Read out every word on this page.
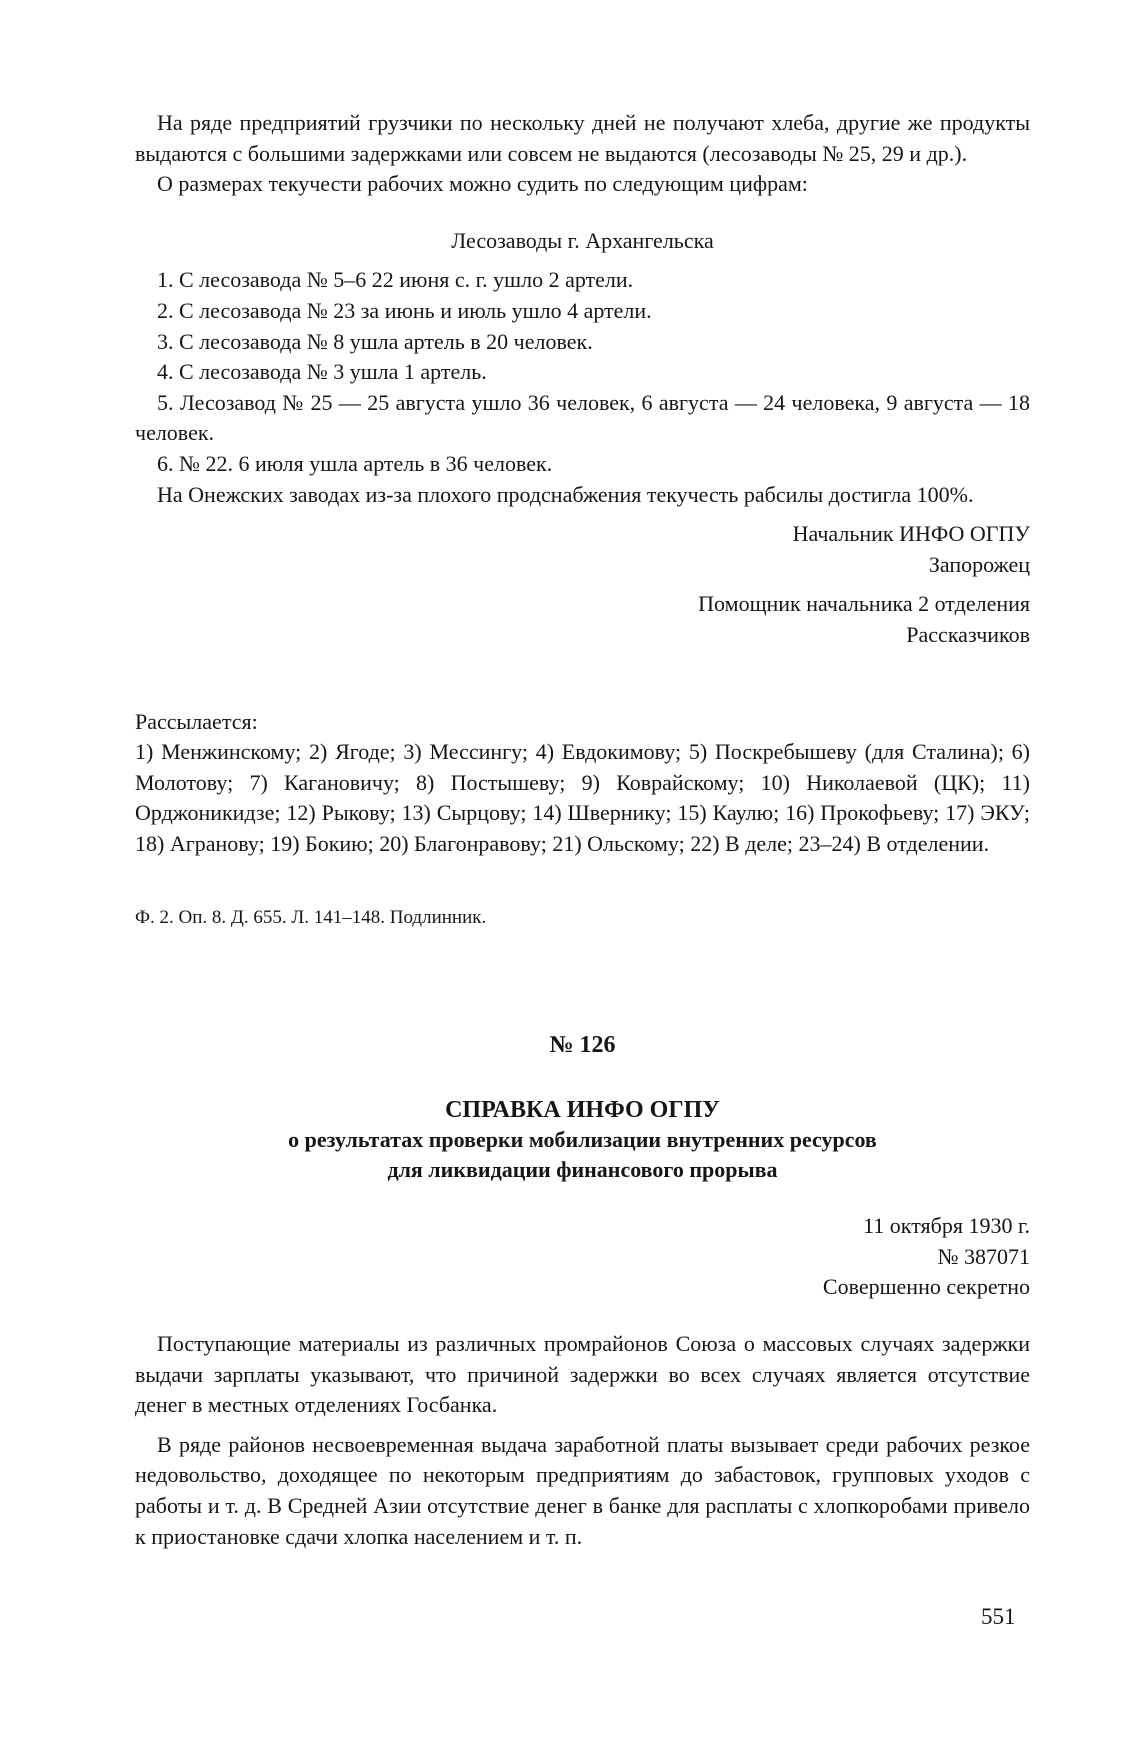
На ряде предприятий грузчики по нескольку дней не получают хлеба, другие же продукты выдаются с большими задержками или совсем не выдаются (лесозаводы № 25, 29 и др.).

О размерах текучести рабочих можно судить по следующим цифрам:

Лесозаводы г. Архангельска

1. С лесозавода № 5–6 22 июня с. г. ушло 2 артели.

2. С лесозавода № 23 за июнь и июль ушло 4 артели.

3. С лесозавода № 8 ушла артель в 20 человек.

4. С лесозавода № 3 ушла 1 артель.

5. Лесозавод № 25 — 25 августа ушло 36 человек, 6 августа — 24 человека, 9 августа — 18 человек.

6. № 22. 6 июля ушла артель в 36 человек.

На Онежских заводах из-за плохого продснабжения текучесть рабсилы достигла 100%.

Начальник ИНФО ОГПУ

Запорожец

Помощник начальника 2 отделения

Рассказчиков

Рассылается:

1) Менжинскому; 2) Ягоде; 3) Мессингу; 4) Евдокимову; 5) Поскребышеву (для Сталина); 6) Молотову; 7) Кагановичу; 8) Постышеву; 9) Коврайскому; 10) Николаевой (ЦК); 11) Орджоникидзе; 12) Рыкову; 13) Сырцову; 14) Швернику; 15) Каулю; 16) Прокофьеву; 17) ЭКУ; 18) Агранову; 19) Бокию; 20) Благонравову; 21) Ольскому; 22) В деле; 23–24) В отделении.

Ф. 2. Оп. 8. Д. 655. Л. 141–148. Подлинник.

№ 126

СПРАВКА ИНФО ОГПУ

о результатах проверки мобилизации внутренних ресурсов

для ликвидации финансового прорыва

11 октября 1930 г.

№ 387071

Совершенно секретно

Поступающие материалы из различных промрайонов Союза о массовых случаях задержки выдачи зарплаты указывают, что причиной задержки во всех случаях является отсутствие денег в местных отделениях Госбанка.

В ряде районов несвоевременная выдача заработной платы вызывает среди рабочих резкое недовольство, доходящее по некоторым предприятиям до забастовок, групповых уходов с работы и т. д. В Средней Азии отсутствие денег в банке для расплаты с хлопкоробами привело к приостановке сдачи хлопка населением и т. п.

551
